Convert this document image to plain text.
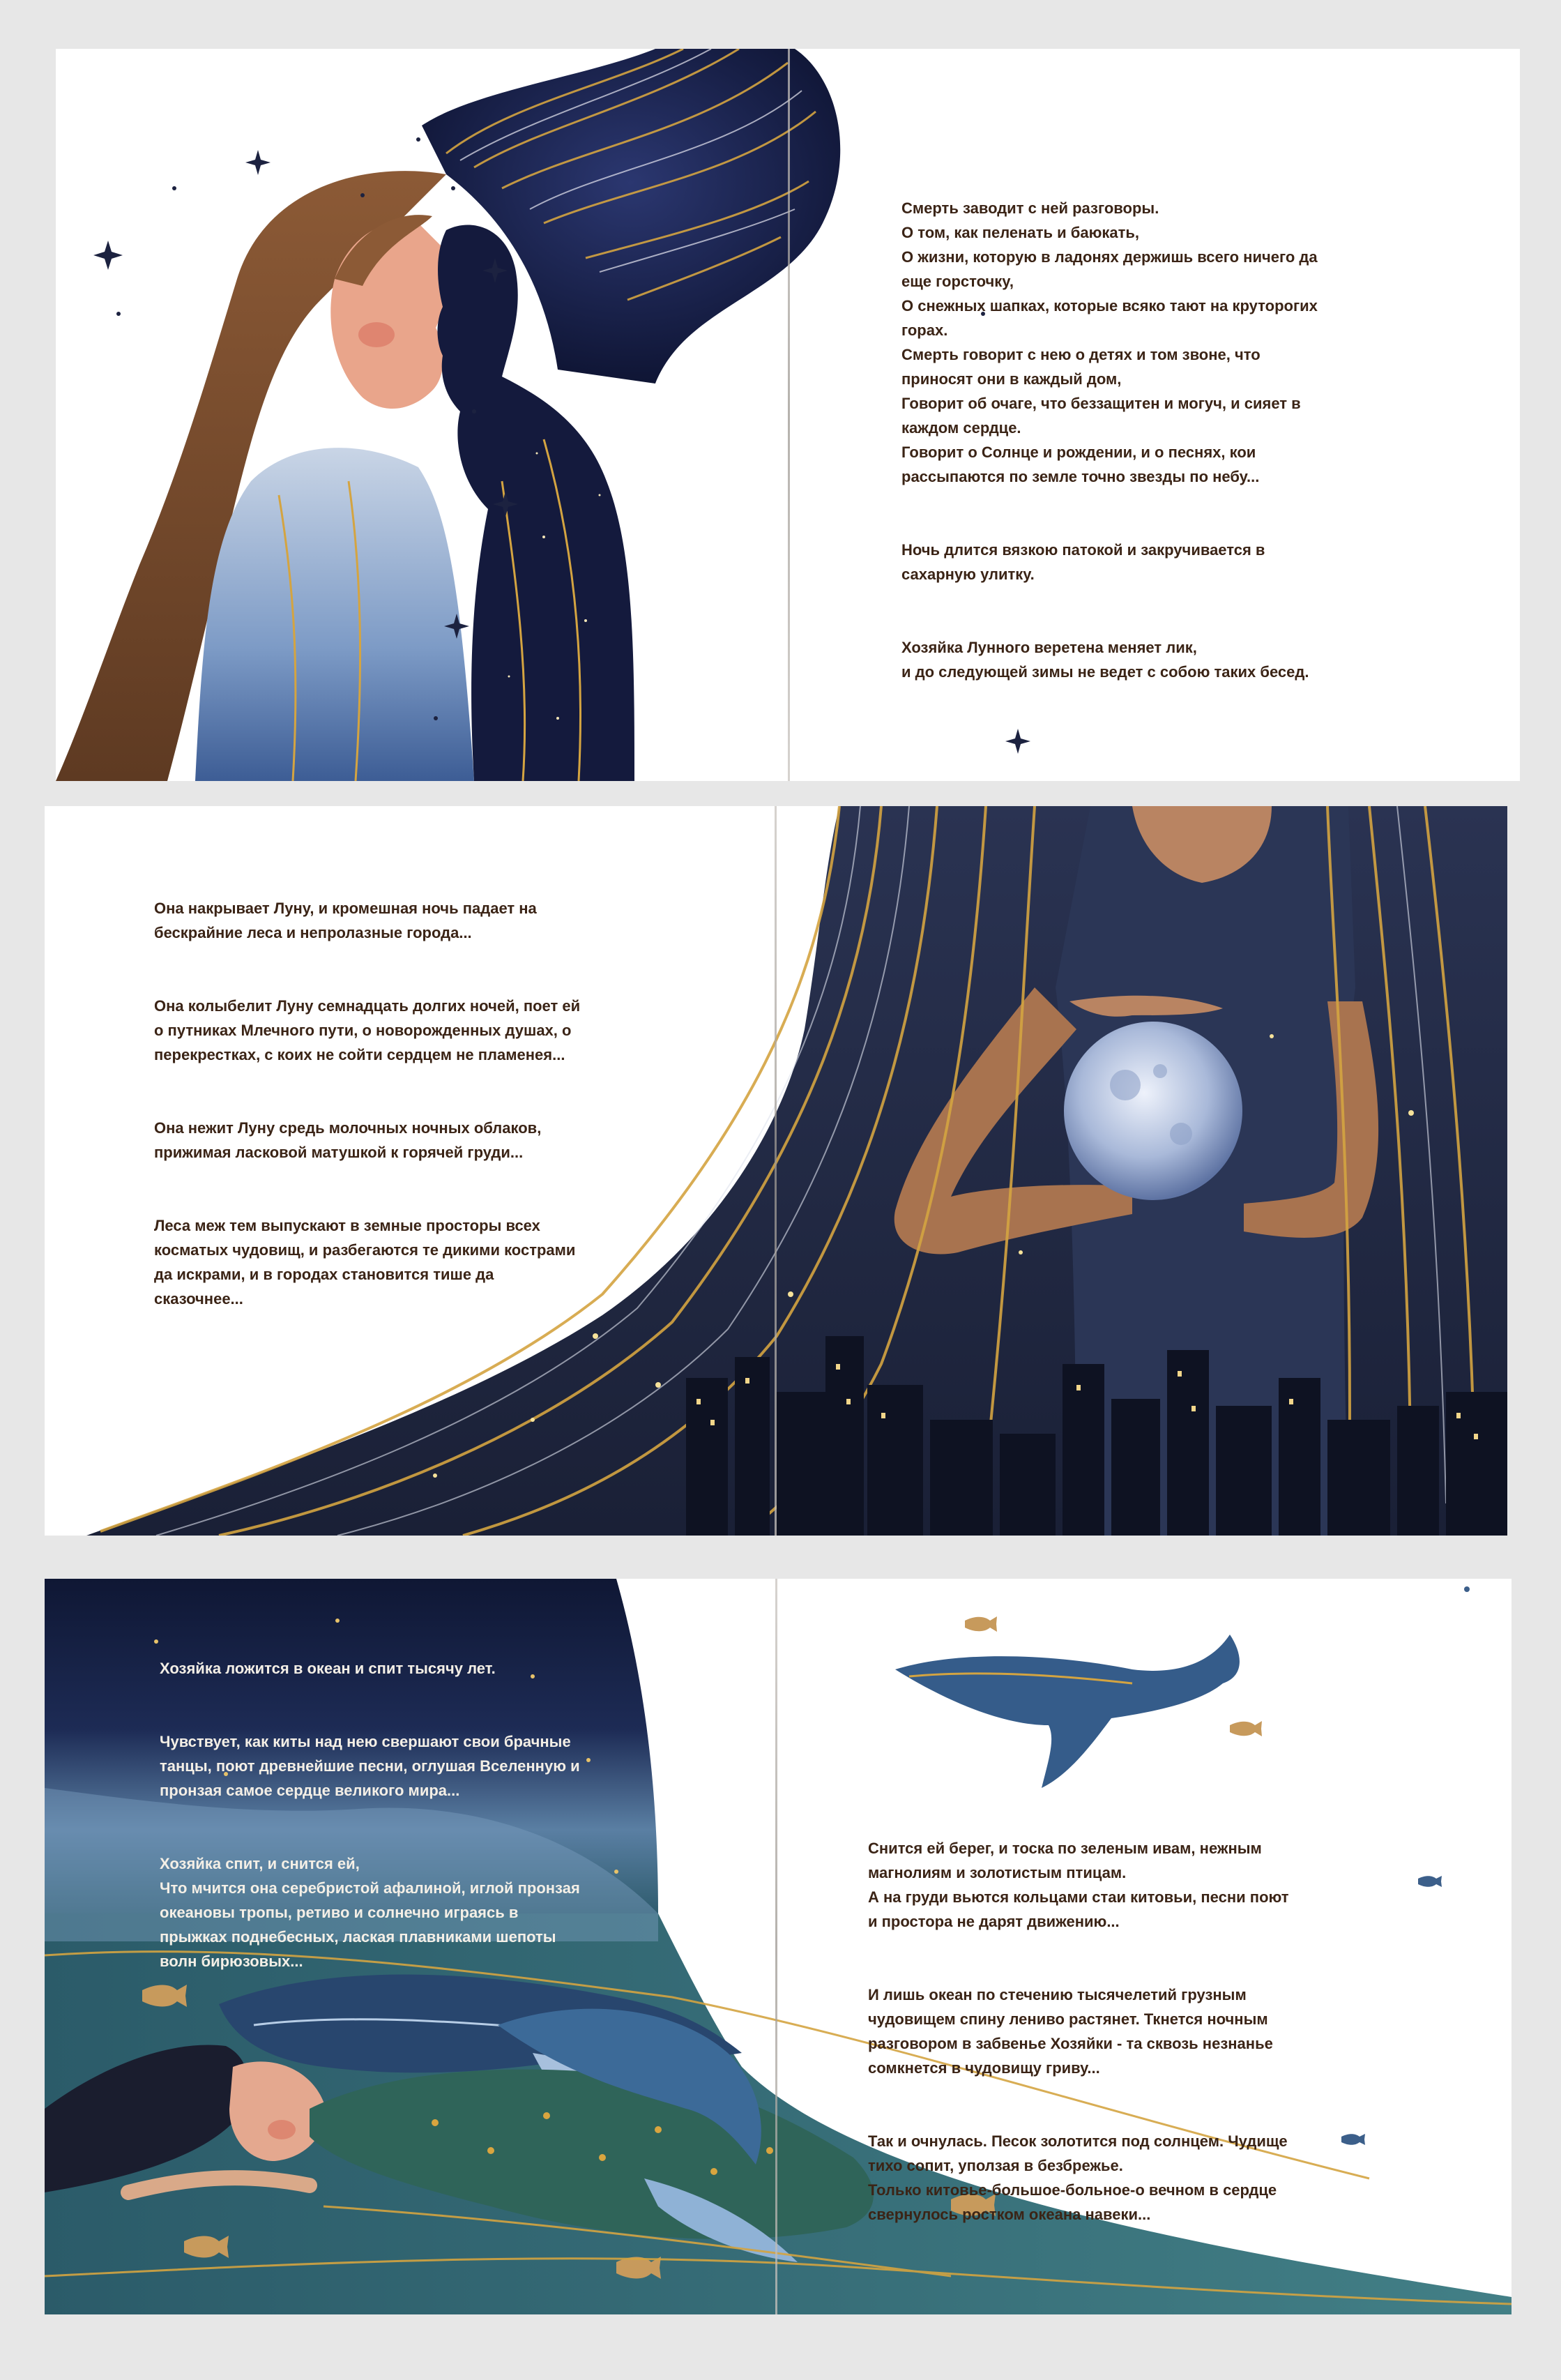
Смерть заводит с ней разговоры.
О том, как пеленать и баюкать,
О жизни, которую в ладонях держишь всего ничего да
еще горсточку,
О снежных шапках, которые всяко тают на круторогих
горах.
Смерть говорит с нею о детях и том звоне, что
приносят они в каждый дом,
Говорит об очаге, что беззащитен и могуч, и сияет в
каждом сердце.
Говорит о Солнце и рождении, и о песнях, кои
рассыпаются по земле точно звезды по небу...

Ночь длится вязкою патокой и закручивается в
сахарную улитку.

Хозяйка Лунного веретена меняет лик,
и до следующей зимы не ведет с собою таких бесед.

Она накрывает Луну, и кромешная ночь падает на
бескрайние леса и непролазные города...

Она колыбелит Луну семнадцать долгих ночей, поет ей
о путниках Млечного пути, о новорожденных душах, о
перекрестках, с коих не сойти сердцем не пламенея...

Она нежит Луну средь молочных ночных облаков,
прижимая ласковой матушкой к горячей груди...

Леса меж тем выпускают в земные просторы всех
косматых чудовищ, и разбегаются те дикими кострами
да искрами, и в городах становится тише да
сказочнее...

Хозяйка ложится в океан и спит тысячу лет.

Чувствует, как киты над нею свершают свои брачные
танцы, поют древнейшие песни, оглушая Вселенную и
пронзая самое сердце великого мира...

Хозяйка спит, и снится ей,
Что мчится она серебристой афалиной, иглой пронзая
океановы тропы, ретиво и солнечно играясь в
прыжках поднебесных, лаская плавниками шепоты
волн бирюзовых...

Снится ей берег, и тоска по зеленым ивам, нежным
магнолиям и золотистым птицам.
А на груди вьются кольцами стаи китовьи, песни поют
и простора не дарят движению...

И лишь океан по стечению тысячелетий грузным
чудовищем спину лениво растянет. Ткнется ночным
разговором в забвенье Хозяйки - та сквозь незнанье
сомкнется в чудовищу гриву...

Так и очнулась. Песок золотится под солнцем. Чудище
тихо сопит, уползая в безбрежье.
Только китовье-большое-больное-о вечном в сердце
свернулось ростком океана навеки...
